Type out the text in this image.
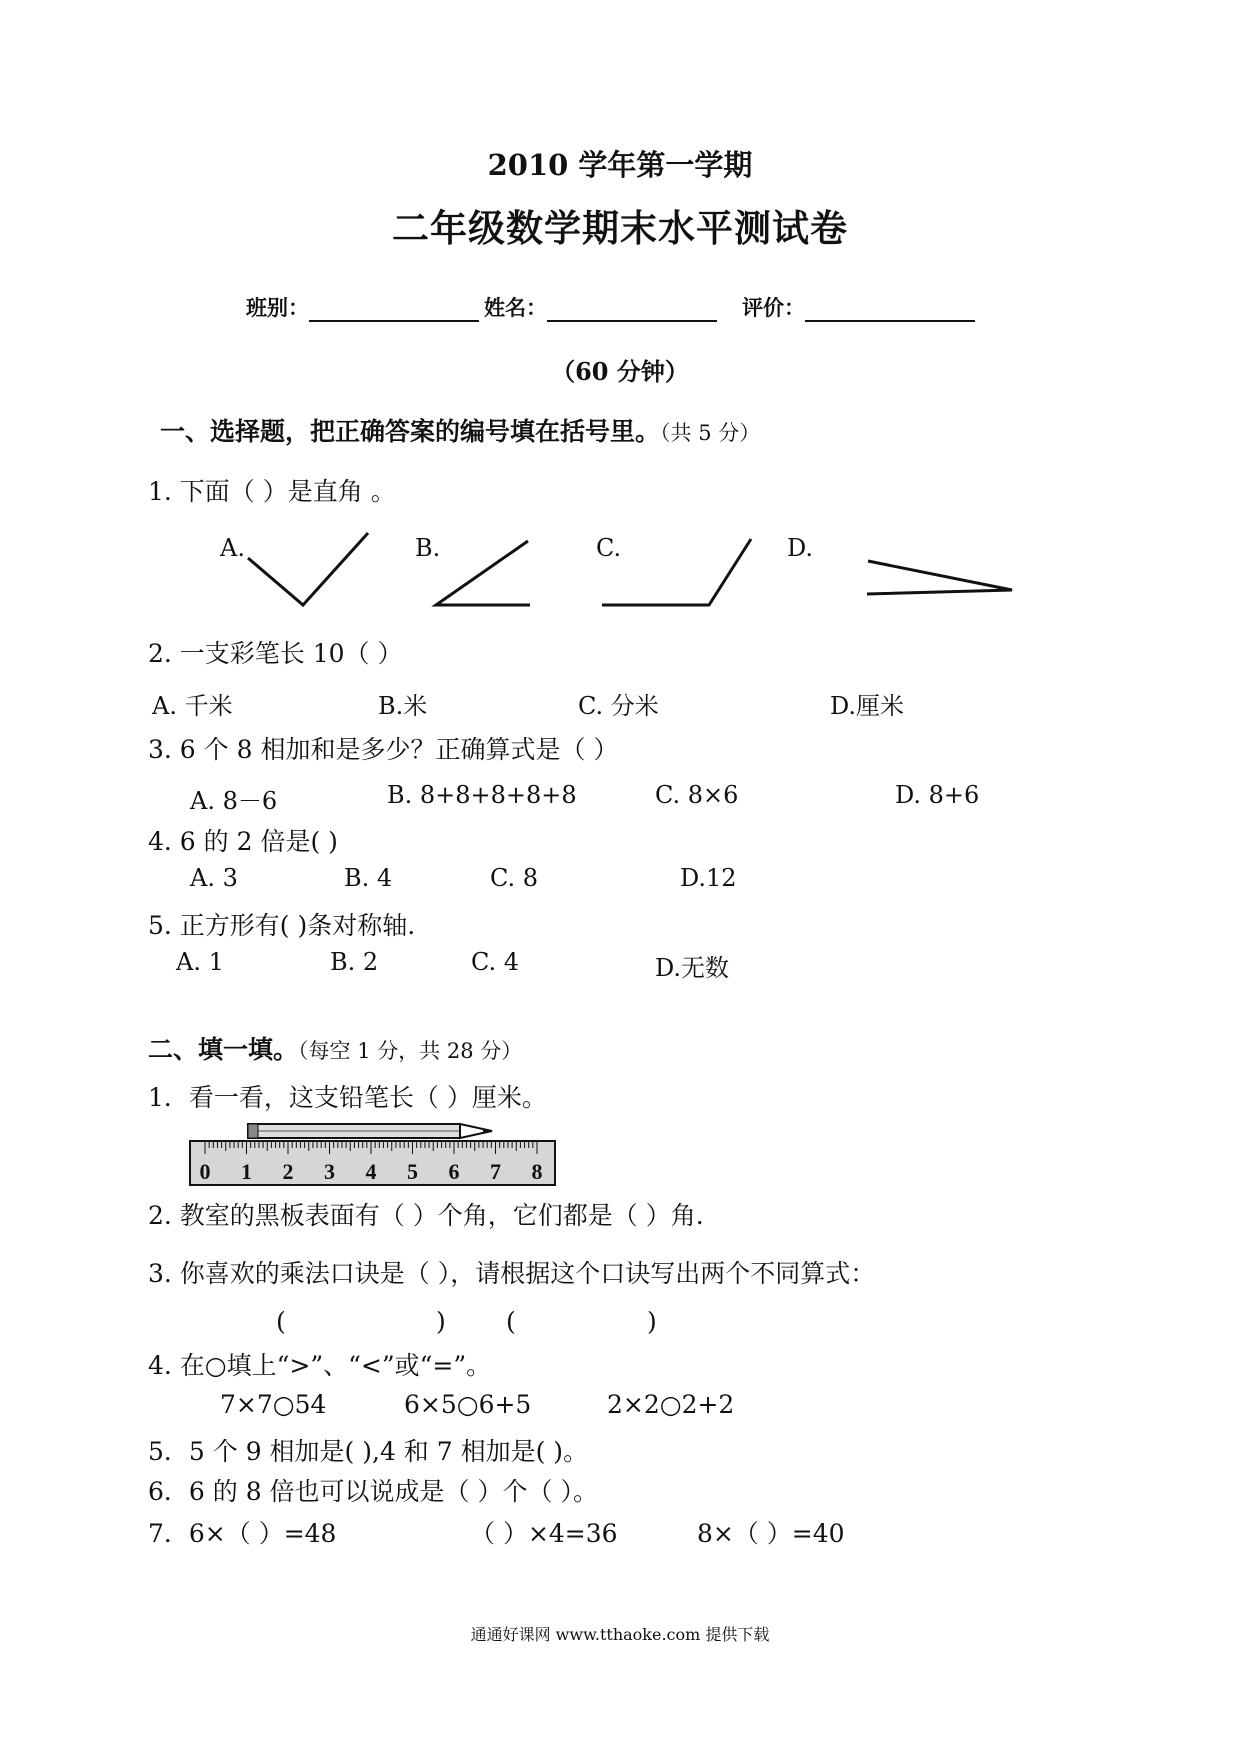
2010 学年第一学期
二年级数学期末水平测试卷
班别：	姓名：	评价：
（60 分钟）
一、选择题，把正确答案的编号填在括号里。（共 5 分）
1. 下面（ ）是直角 。
A.	B.	C.	D.
2. 一支彩笔长 10（ ）
A. 千米	B.米	C. 分米	D.厘米
3. 6 个 8 相加和是多少？正确算式是（ ）
A. 8－6	B. 8+8+8+8+8	C. 8×6	D. 8+6
4. 6 的 2 倍是( )
A. 3	B. 4	C. 8	D.12
5. 正方形有( )条对称轴.
A. 1	B. 2	C. 4	D.无数
二、填一填。（每空 1 分，共 28 分）
1．看一看，这支铅笔长（ ）厘米。
0 1 2 3 4 5 6 7 8
2. 教室的黑板表面有（ ）个角，它们都是（ ）角.
3. 你喜欢的乘法口诀是（ ），请根据这个口诀写出两个不同算式：
(	) (	)
4. 在○填上“>”、“<”或“=”。
7×7○54	6×5○6+5	2×2○2+2
5．5 个 9 相加是( ),4 和 7 相加是( )。
6．6 的 8 倍也可以说成是（ ）个（ ）。
7．6×（ ）=48	（ ）×4=36	8×（ ）=40
通通好课网 www.tthaoke.com 提供下载
